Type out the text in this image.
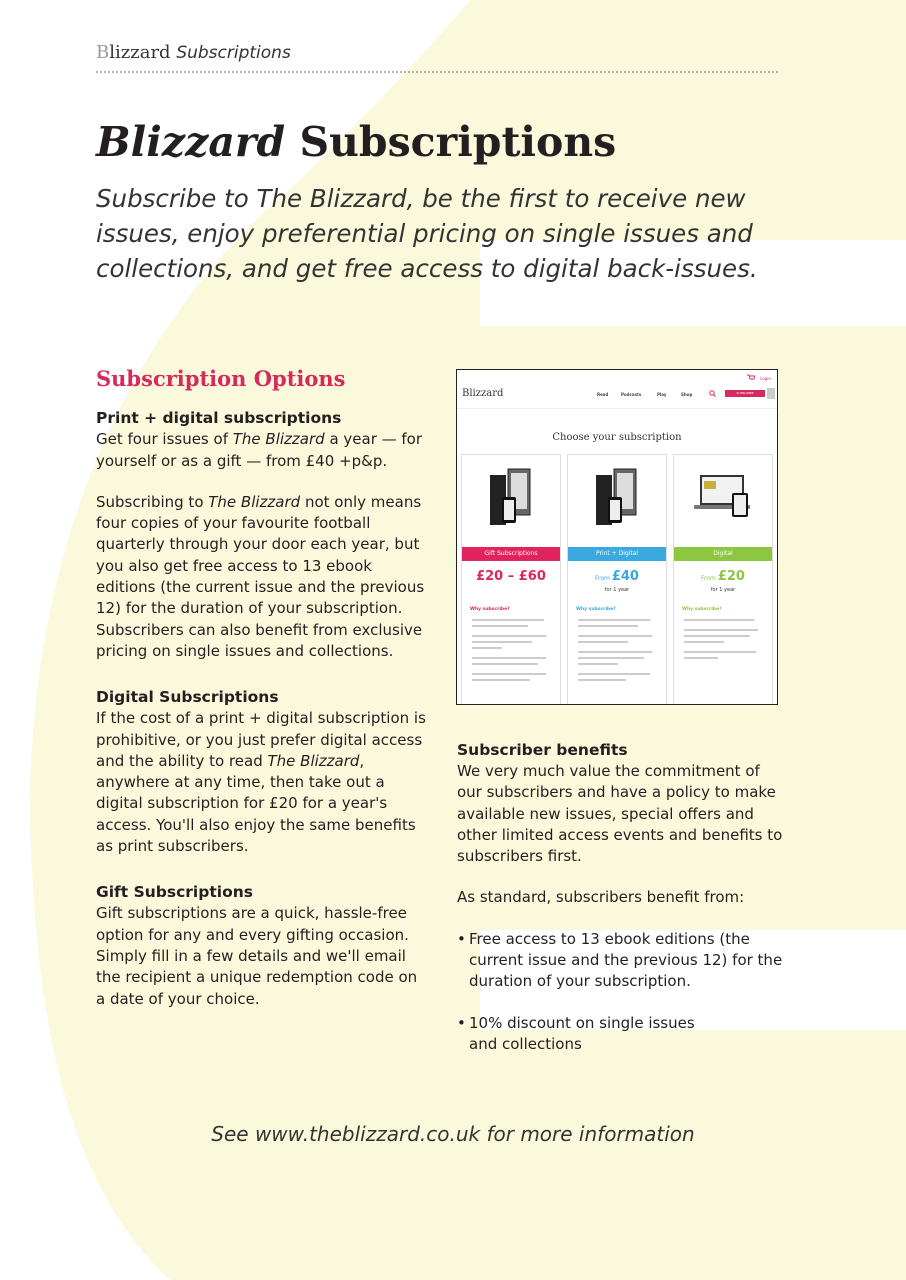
Blizzard Subscriptions
Blizzard Subscriptions
Subscribe to The Blizzard, be the first to receive new issues, enjoy preferential pricing on single issues and collections, and get free access to digital back-issues.
Subscription Options
Print + digital subscriptions

Get four issues of The Blizzard a year — for yourself or as a gift — from £40 +p&p.

Subscribing to The Blizzard not only means four copies of your favourite football quarterly through your door each year, but you also get free access to 13 ebook editions (the current issue and the previous 12) for the duration of your subscription. Subscribers can also benefit from exclusive pricing on single issues and collections.

Digital Subscriptions

If the cost of a print + digital subscription is prohibitive, or you just prefer digital access and the ability to read The Blizzard, anywhere at any time, then take out a digital subscription for £20 for a year's access. You'll also enjoy the same benefits as print subscribers.

Gift Subscriptions

Gift subscriptions are a quick, hassle-free option for any and every gifting occasion. Simply fill in a few details and we'll email the recipient a unique redemption code on a date of your choice.

Blizzard	Read	Podcasts	Play	Shop	SUBSCRIBE
Login
Choose your subscription
Gift Subscriptions
£20 – £60
Why subscribe?
Print + Digital
From £40
for 1 year
Why subscribe?
Digital
From £20
for 1 year
Why subscribe?
Subscriber benefits

We very much value the commitment of our subscribers and have a policy to make available new issues, special offers and other limited access events and benefits to subscribers first.

As standard, subscribers benefit from:

• Free access to 13 ebook editions (the current issue and the previous 12) for the duration of your subscription.
• 10% discount on single issues and collections
See www.theblizzard.co.uk for more information
